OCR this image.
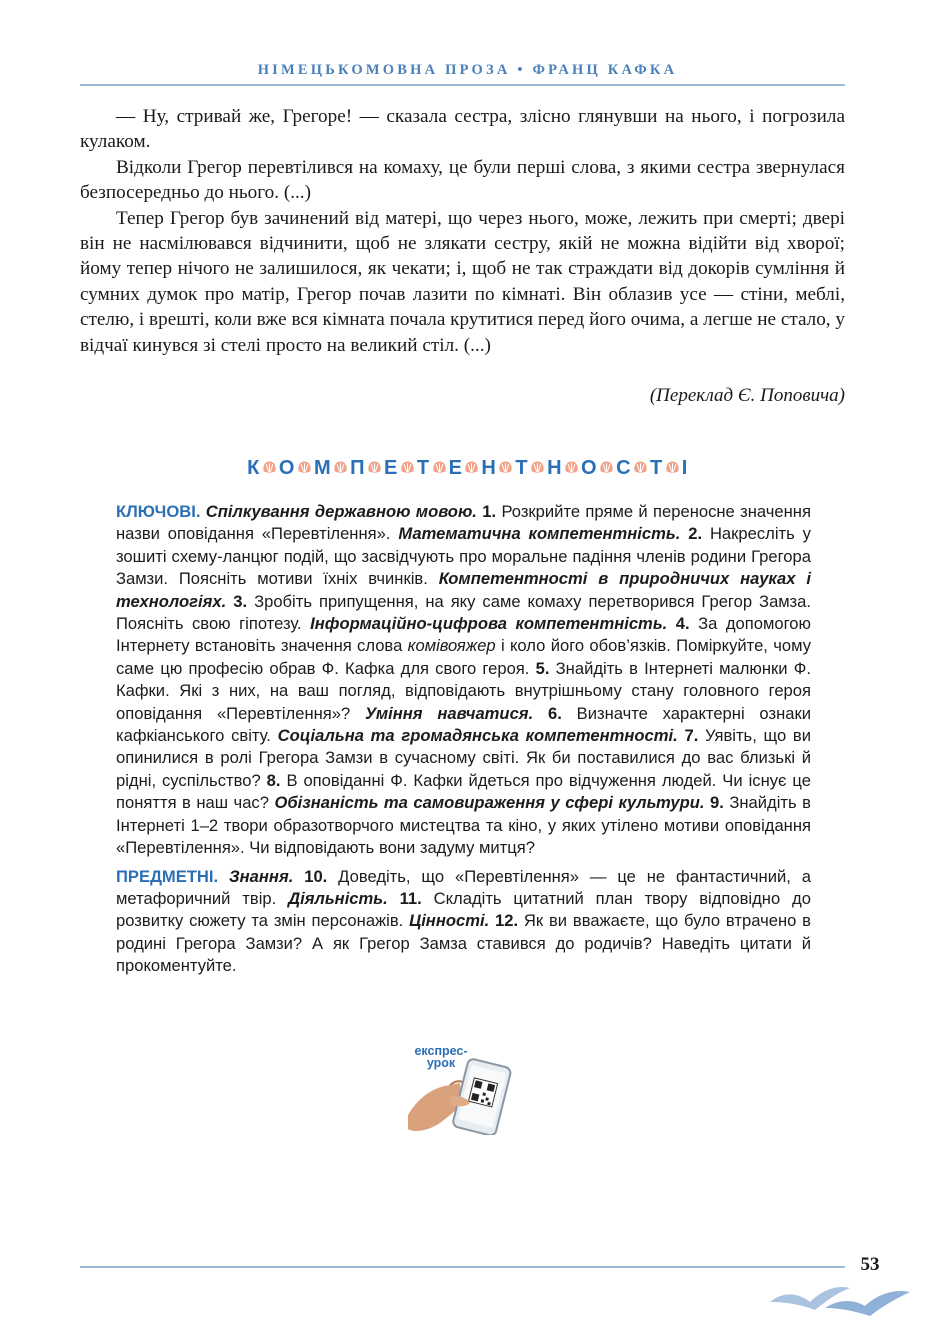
НІМЕЦЬКОМОВНА ПРОЗА • ФРАНЦ КАФКА

— Ну, стривай же, Грегоре! — сказала сестра, злісно глянувши на нього, і погрозила кулаком.

Відколи Грегор перевтілився на комаху, це були перші слова, з якими сестра звернулася безпосередньо до нього. (...)

Тепер Грегор був зачинений від матері, що через нього, може, лежить при смерті; двері він не насмілювався відчинити, щоб не злякати сестру, якій не можна відійти від хворої; йому тепер нічого не залишилося, як чекати; і, щоб не так страждати від докорів сумління й сумних думок про матір, Грегор почав лазити по кімнаті. Він облазив усе — стіни, меблі, стелю, і врешті, коли вже вся кімната почала крутитися перед його очима, а легше не стало, у відчаї кинувся зі стелі просто на великий стіл. (...)

(Переклад Є. Поповича)
К О М П Е Т Е Н Т Н О С Т І

КЛЮЧОВІ. Спілкування державною мовою. 1. Розкрийте пряме й переносне значення назви оповідання «Перевтілення». Математична компетентність. 2. Накресліть у зошиті схему-ланцюг подій, що засвідчують про моральне падіння членів родини Грегора Замзи. Поясніть мотиви їхніх вчинків. Компетентності в природничих науках і технологіях. 3. Зробіть припущення, на яку саме комаху перетворився Грегор Замза. Поясніть свою гіпотезу. Інформаційно-цифрова компетентність. 4. За допомогою Інтернету встановіть значення слова комівояжер і коло його обов’язків. Поміркуйте, чому саме цю професію обрав Ф. Кафка для свого героя. 5. Знайдіть в Інтернеті малюнки Ф. Кафки. Які з них, на ваш погляд, відповідають внутрішньому стану головного героя оповідання «Перевтілення»? Уміння навчатися. 6. Визначте характерні ознаки кафкіанського світу. Соціальна та громадянська компетентності. 7. Уявіть, що ви опинилися в ролі Грегора Замзи в сучасному світі. Як би поставилися до вас близькі й рідні, суспільство? 8. В оповіданні Ф. Кафки йдеться про відчуження людей. Чи існує це поняття в наш час? Обізнаність та самовираження у сфері культури. 9. Знайдіть в Інтернеті 1–2 твори образотворчого мистецтва та кіно, у яких утілено мотиви оповідання «Перевтілення». Чи відповідають вони задуму митця?

ПРЕДМЕТНІ. Знання. 10. Доведіть, що «Перевтілення» — це не фантастичний, а метафоричний твір. Діяльність. 11. Складіть цитатний план твору відповідно до розвитку сюжету та змін персонажів. Цінності. 12. Як ви вважаєте, що було втрачено в родині Грегора Замзи? А як Грегор Замза ставився до родичів? Наведіть цитати й прокоментуйте.

експрес-
урок
53
